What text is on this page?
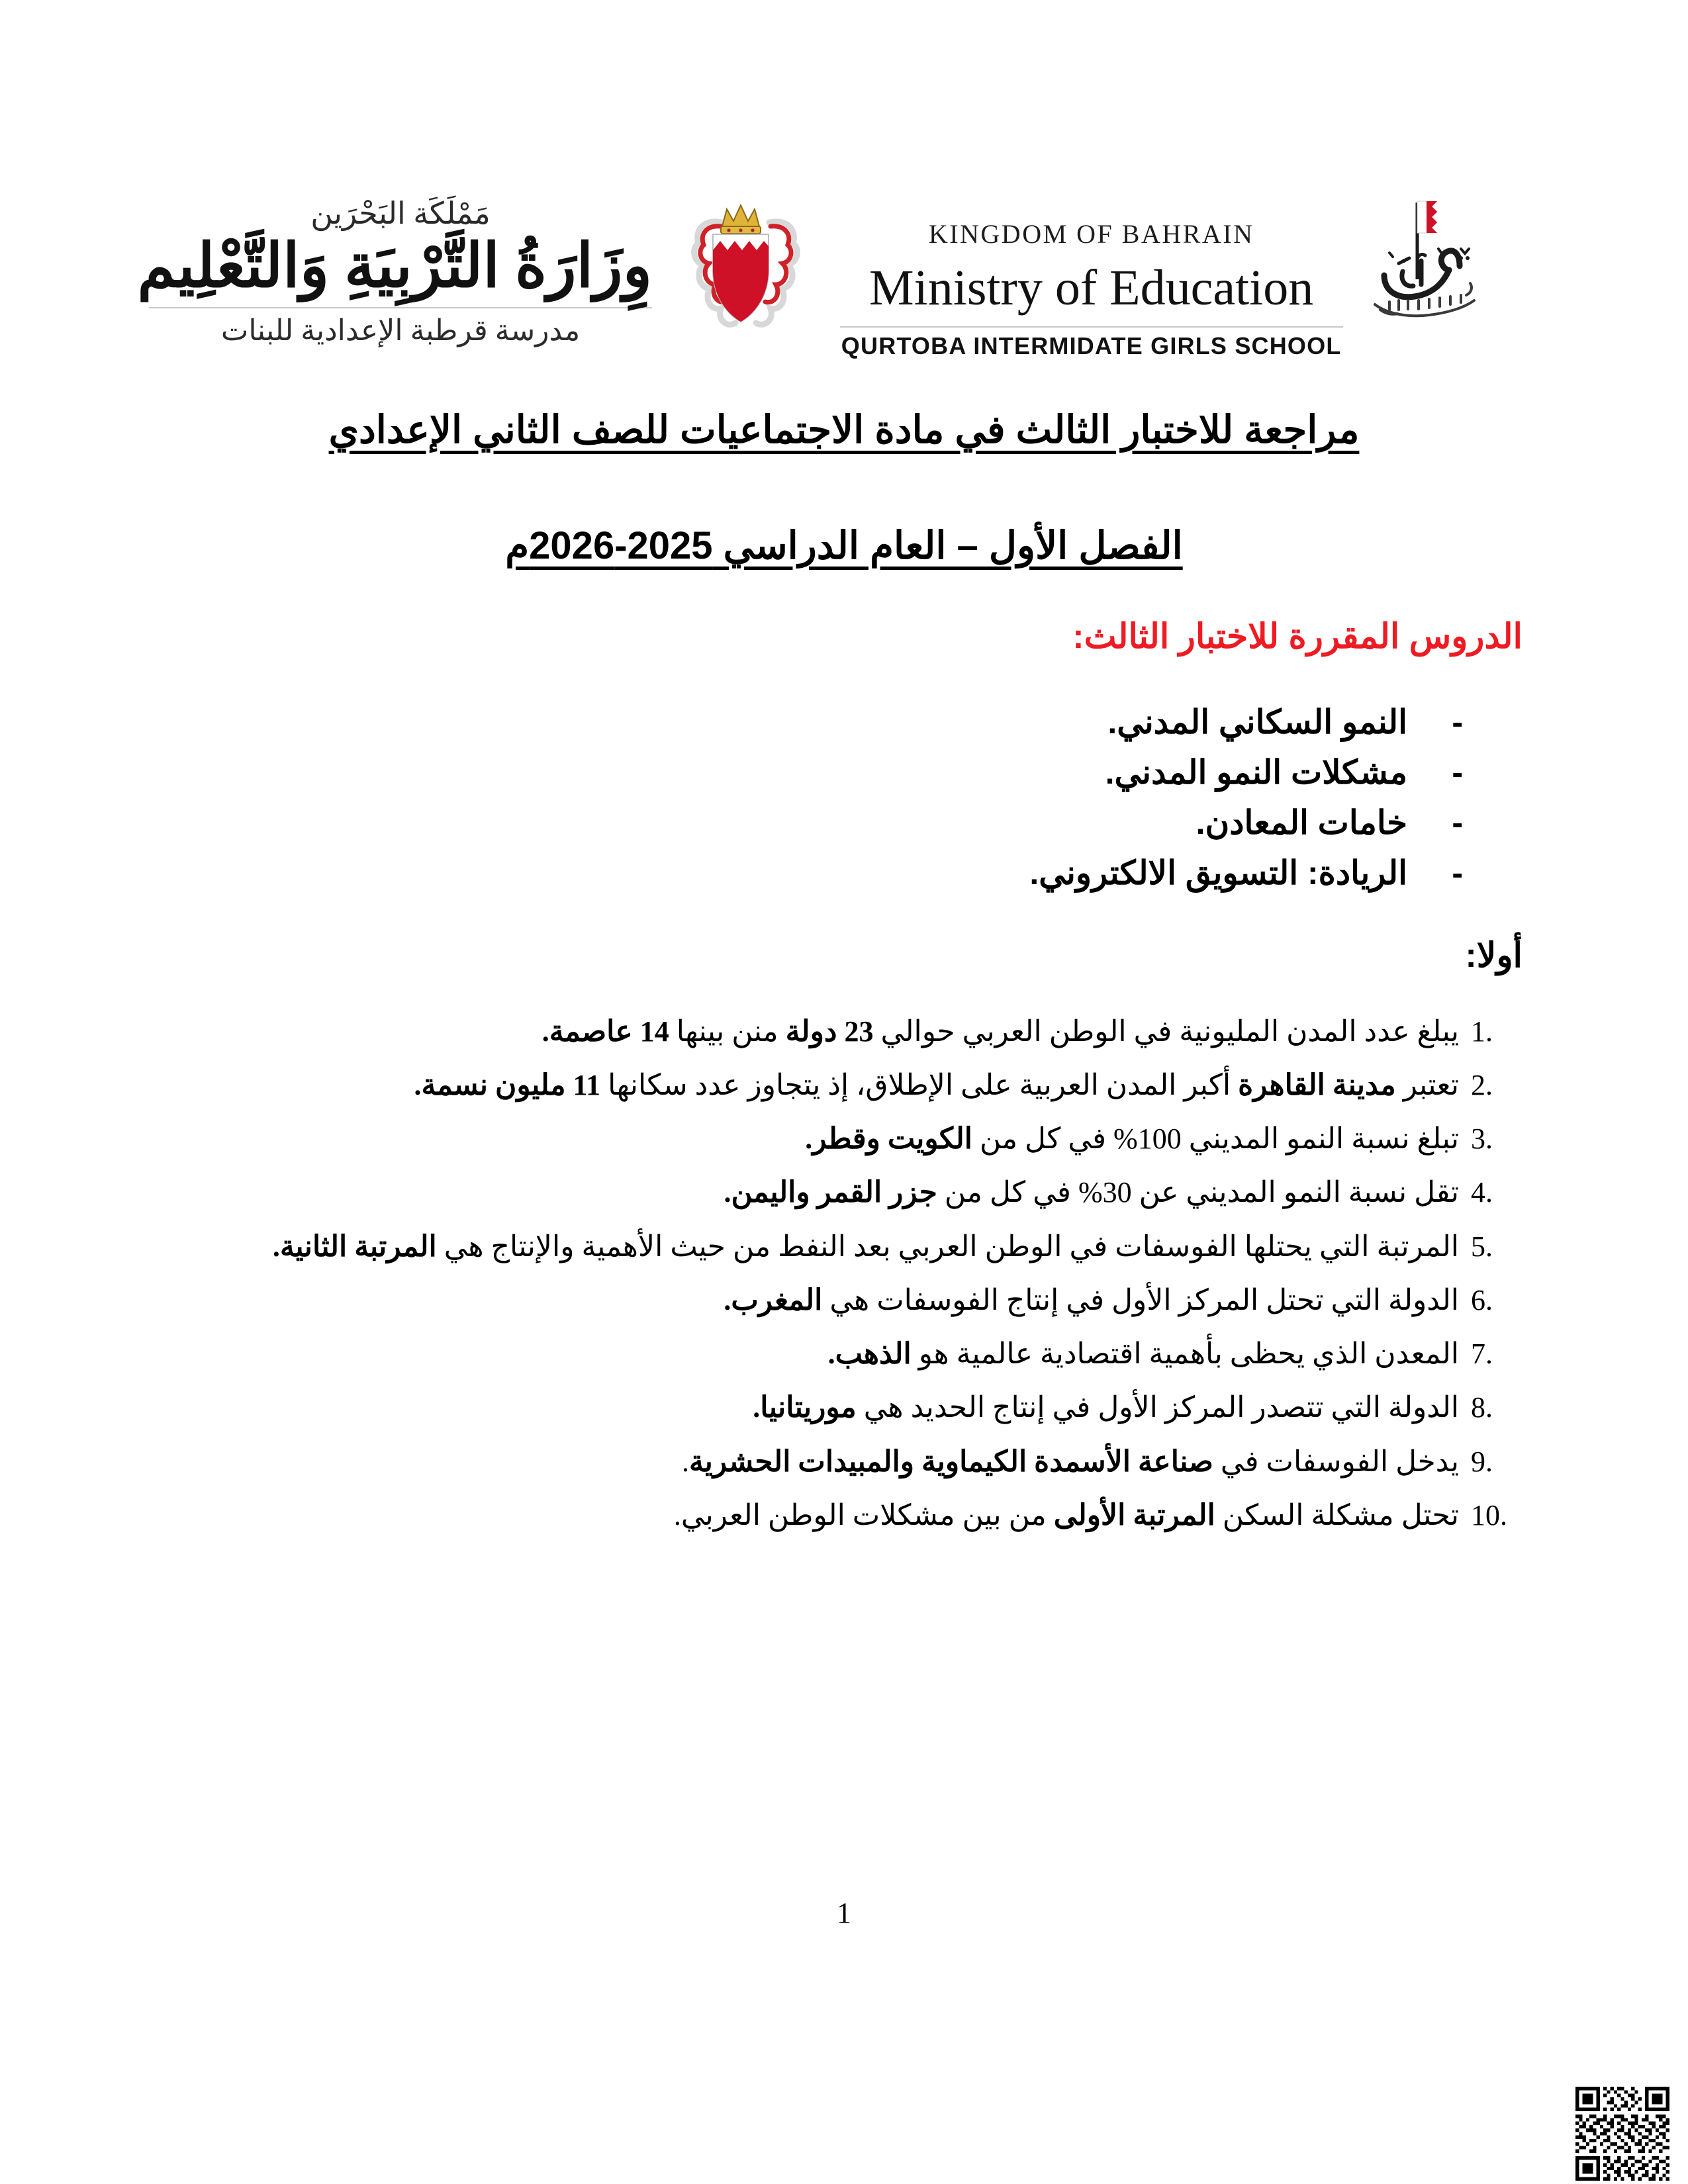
مَمْلَكَة البَحْرَين
وِزَارَةُ التَّرْبِيَةِ وَالتَّعْلِيم
مدرسة قرطبة الإعدادية للبنات
KINGDOM OF BAHRAIN
Ministry of Education
QURTOBA INTERMIDATE GIRLS SCHOOL
مراجعة للاختبار الثالث في مادة الاجتماعيات للصف الثاني الإعدادي
الفصل الأول – العام الدراسي 2025-2026م
الدروس المقررة للاختبار الثالث:
-
النمو السكاني المدني.
-
مشكلات النمو المدني.
-
خامات المعادن.
-
الريادة: التسويق الالكتروني.
أولا:
يبلغ عدد المدن المليونية في الوطن العربي حوالي 23 دولة منن بينها 14 عاصمة.
تعتبر مدينة القاهرة أكبر المدن العربية على الإطلاق، إذ يتجاوز عدد سكانها 11 مليون نسمة.
تبلغ نسبة النمو المديني 100% في كل من الكويت وقطر.
تقل نسبة النمو المديني عن 30% في كل من جزر القمر واليمن.
المرتبة التي يحتلها الفوسفات في الوطن العربي بعد النفط من حيث الأهمية والإنتاج هي المرتبة الثانية.
الدولة التي تحتل المركز الأول في إنتاج الفوسفات هي المغرب.
المعدن الذي يحظى بأهمية اقتصادية عالمية هو الذهب.
الدولة التي تتصدر المركز الأول في إنتاج الحديد هي موريتانيا.
يدخل الفوسفات في صناعة الأسمدة الكيماوية والمبيدات الحشرية.
تحتل مشكلة السكن المرتبة الأولى من بين مشكلات الوطن العربي.
1
